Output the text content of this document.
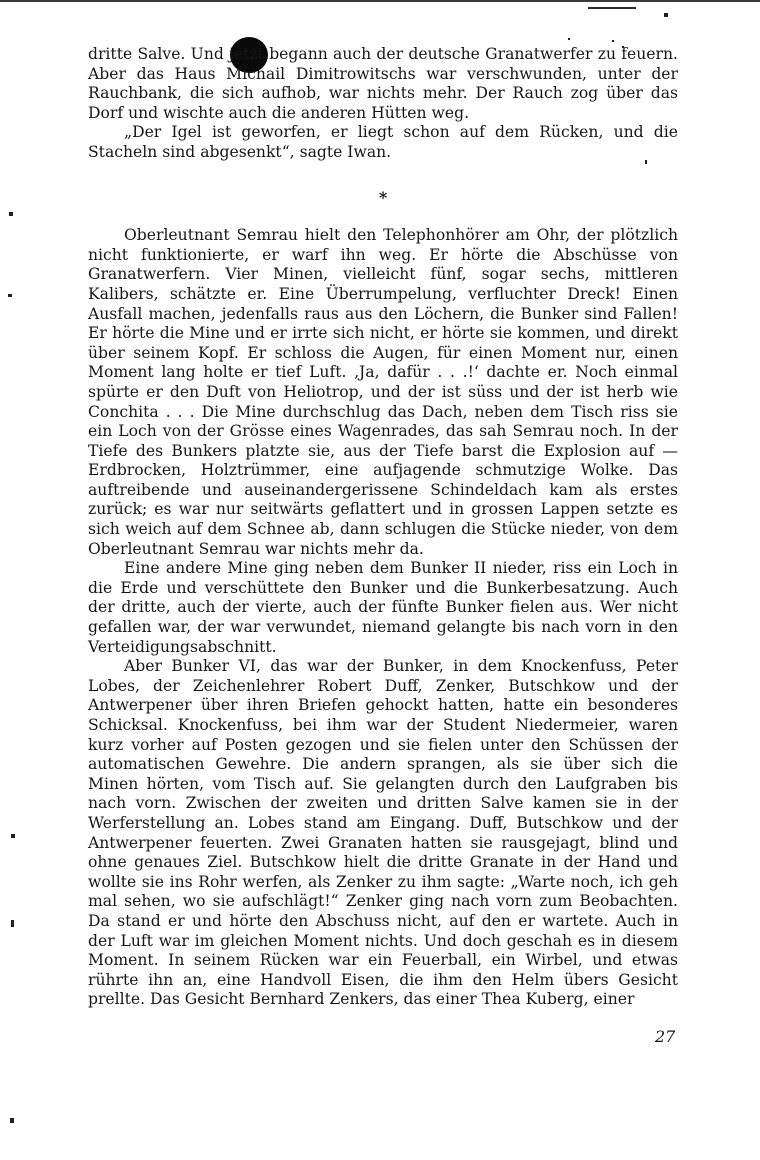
dritte Salve. Und jetzt begann auch der deutsche Granatwerfer zu feuern. Aber das Haus Michail Dimitrowitschs war verschwunden, unter der Rauchbank, die sich aufhob, war nichts mehr. Der Rauch zog über das Dorf und wischte auch die anderen Hütten weg.

„Der Igel ist geworfen, er liegt schon auf dem Rücken, und die Stacheln sind abgesenkt“, sagte Iwan.

*

Oberleutnant Semrau hielt den Telephonhörer am Ohr, der plötzlich nicht funktionierte, er warf ihn weg. Er hörte die Abschüsse von Granatwerfern. Vier Minen, vielleicht fünf, sogar sechs, mittleren Kalibers, schätzte er. Eine Überrumpelung, verfluchter Dreck! Einen Ausfall machen, jedenfalls raus aus den Löchern, die Bunker sind Fallen! Er hörte die Mine und er irrte sich nicht, er hörte sie kommen, und direkt über seinem Kopf. Er schloss die Augen, für einen Moment nur, einen Moment lang holte er tief Luft. ‚Ja, dafür . . .!‘ dachte er. Noch einmal spürte er den Duft von Heliotrop, und der ist süss und der ist herb wie Conchita . . . Die Mine durchschlug das Dach, neben dem Tisch riss sie ein Loch von der Grösse eines Wagenrades, das sah Semrau noch. In der Tiefe des Bunkers platzte sie, aus der Tiefe barst die Explosion auf — Erdbrocken, Holztrümmer, eine aufjagende schmutzige Wolke. Das auftreibende und auseinandergerissene Schindeldach kam als erstes zurück; es war nur seitwärts geflattert und in grossen Lappen setzte es sich weich auf dem Schnee ab, dann schlugen die Stücke nieder, von dem Oberleutnant Semrau war nichts mehr da.

Eine andere Mine ging neben dem Bunker II nieder, riss ein Loch in die Erde und verschüttete den Bunker und die Bunkerbesatzung. Auch der dritte, auch der vierte, auch der fünfte Bunker fielen aus. Wer nicht gefallen war, der war verwundet, niemand gelangte bis nach vorn in den Verteidigungsabschnitt.

Aber Bunker VI, das war der Bunker, in dem Knockenfuss, Peter Lobes, der Zeichenlehrer Robert Duff, Zenker, Butschkow und der Antwerpener über ihren Briefen gehockt hatten, hatte ein besonderes Schicksal. Knockenfuss, bei ihm war der Student Niedermeier, waren kurz vorher auf Posten gezogen und sie fielen unter den Schüssen der automatischen Gewehre. Die andern sprangen, als sie über sich die Minen hörten, vom Tisch auf. Sie gelangten durch den Laufgraben bis nach vorn. Zwischen der zweiten und dritten Salve kamen sie in der Werferstellung an. Lobes stand am Eingang. Duff, Butschkow und der Antwerpener feuerten. Zwei Granaten hatten sie rausgejagt, blind und ohne genaues Ziel. Butschkow hielt die dritte Granate in der Hand und wollte sie ins Rohr werfen, als Zenker zu ihm sagte: „Warte noch, ich geh mal sehen, wo sie aufschlägt!“ Zenker ging nach vorn zum Beobachten. Da stand er und hörte den Abschuss nicht, auf den er wartete. Auch in der Luft war im gleichen Moment nichts. Und doch geschah es in diesem Moment. In seinem Rücken war ein Feuerball, ein Wirbel, und etwas rührte ihn an, eine Handvoll Eisen, die ihm den Helm übers Gesicht prellte. Das Gesicht Bernhard Zenkers, das einer Thea Kuberg, einer

27
